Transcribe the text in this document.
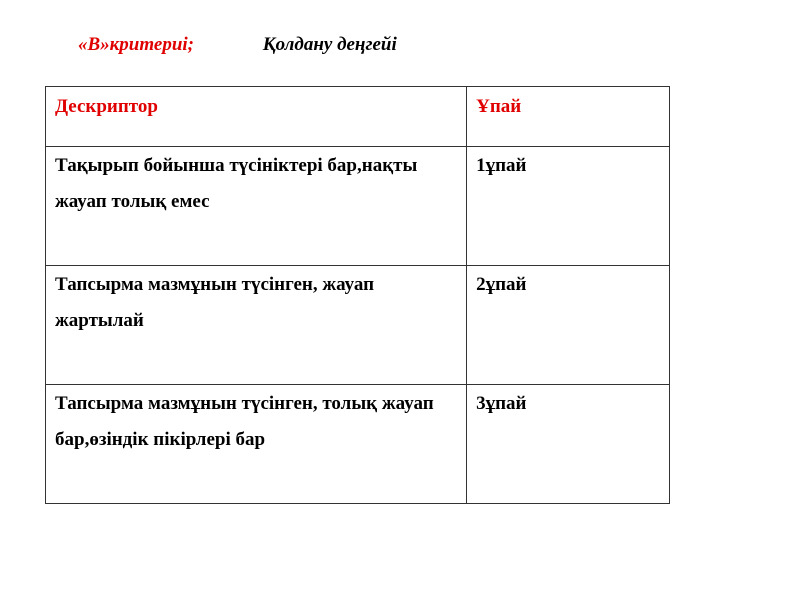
«В»критериі;	Қолдану деңгейі
Дескриптор	Ұпай
Тақырып бойынша түсініктері бар,нақты жауап толық емес	1ұпай
Тапсырма мазмұнын түсінген, жауап жартылай	2ұпай
Тапсырма мазмұнын түсінген, толық жауап бар,өзіндік пікірлері бар	3ұпай
